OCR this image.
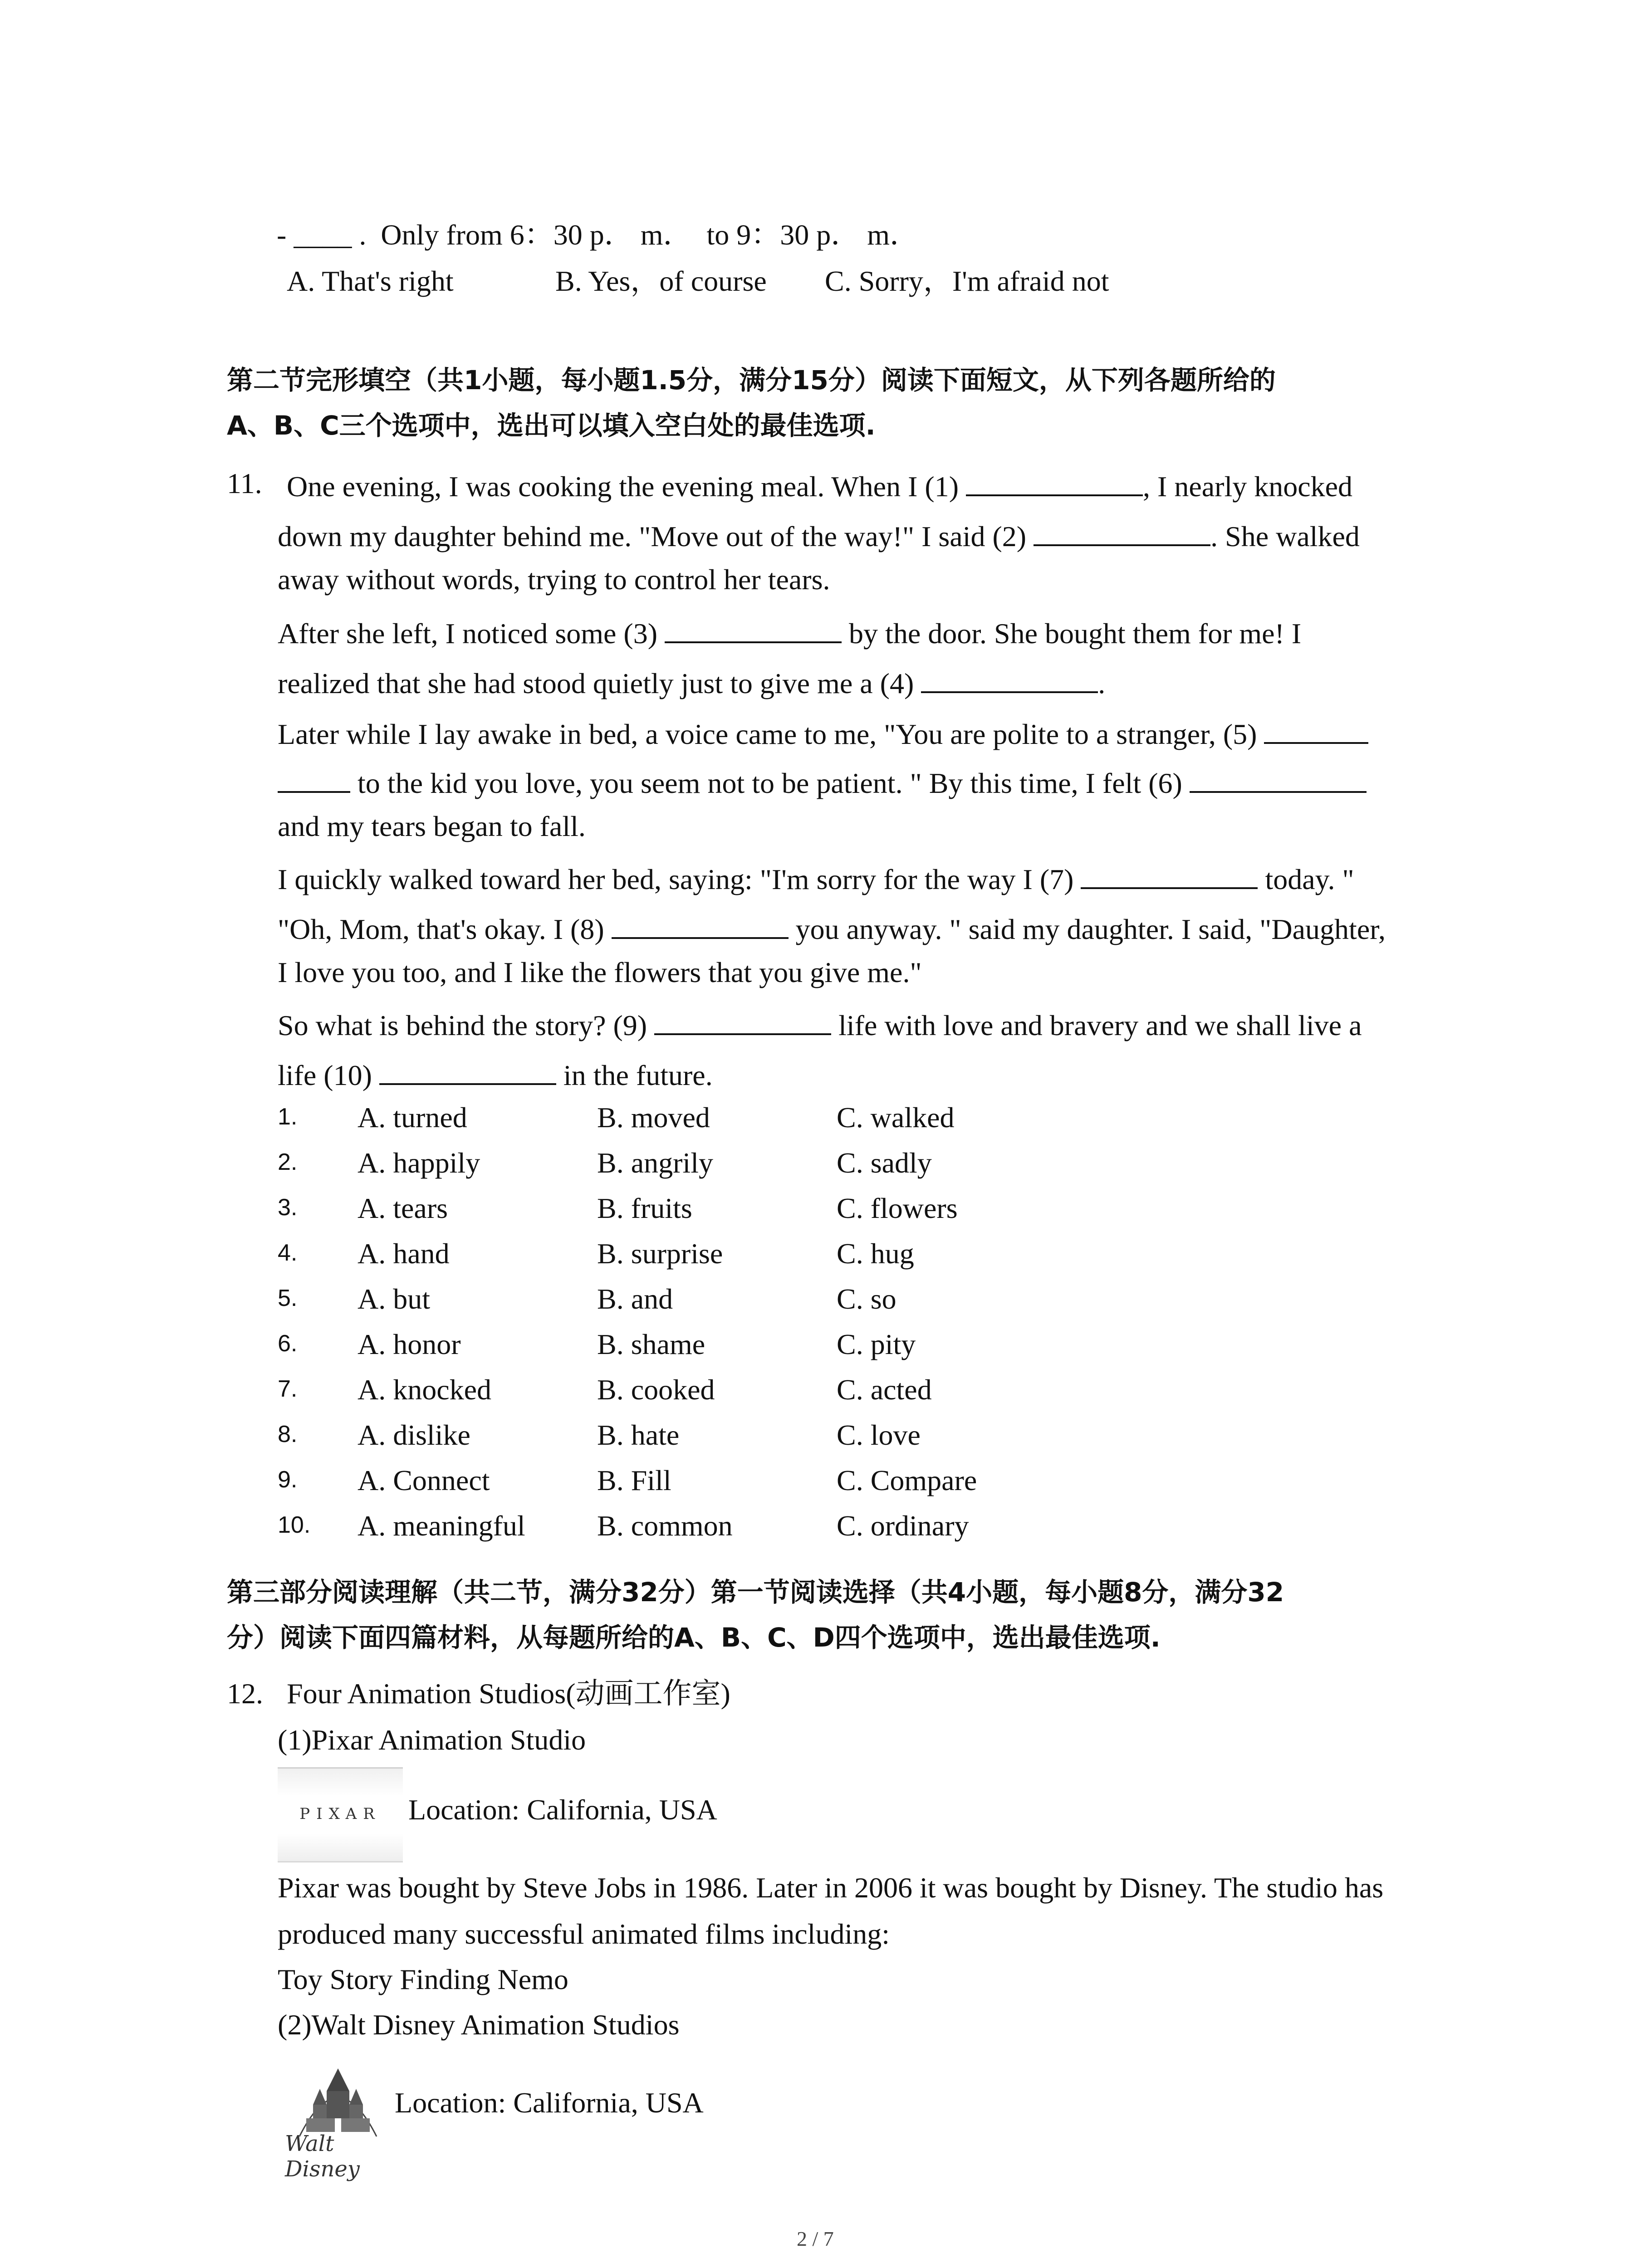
- ____ .  Only from 6：30 p． m．  to 9：30 p． m．
A. That's right	B. Yes，of course C. Sorry，I'm afraid not
第二节完形填空（共1小题，每小题1.5分，满分15分）阅读下面短文，从下列各题所给的
A、B、C三个选项中，选出可以填入空白处的最佳选项.
11. One evening, I was cooking the evening meal. When I (1)	, I nearly knocked
down my daughter behind me. "Move out of the way!" I said (2)	. She walked
away without words, trying to control her tears.
After she left, I noticed some (3)	by the door. She bought them for me! I
realized that she had stood quietly just to give me a (4)	.
Later while I lay awake in bed, a voice came to me, "You are polite to a stranger, (5)
to the kid you love, you seem not to be patient. " By this time, I felt (6)
and my tears began to fall.
I quickly walked toward her bed, saying: "I'm sorry for the way I (7)	today. "
"Oh, Mom, that's okay. I (8)	you anyway. " said my daughter. I said, "Daughter,
I love you too, and I like the flowers that you give me."
So what is behind the story? (9)	life with love and bravery and we shall live a
life (10)	in the future.
1. A. turned	B. moved	C. walked
2. A. happily	B. angrily	C. sadly
3. A. tears	B. fruits	C. flowers
4. A. hand	B. surprise	C. hug
5. A. but	B. and	C. so
6. A. honor	B. shame	C. pity
7. A. knocked	B. cooked	C. acted
8. A. dislike	B. hate	C. love
9. A. Connect	B. Fill	C. Compare
10. A. meaningful B. common	C. ordinary
第三部分阅读理解（共二节，满分32分）第一节阅读选择（共4小题，每小题8分，满分32
分）阅读下面四篇材料，从每题所给的A、B、C、D四个选项中，选出最佳选项.
12. Four Animation Studios(动画工作室)
(1)Pixar Animation Studio
PIXAR Location: California, USA
Pixar was bought by Steve Jobs in 1986. Later in 2006 it was bought by Disney. The studio has
produced many successful animated films including:
Toy Story Finding Nemo
(2)Walt Disney Animation Studios
Walt Disney
Location: California, USA
2 / 7
